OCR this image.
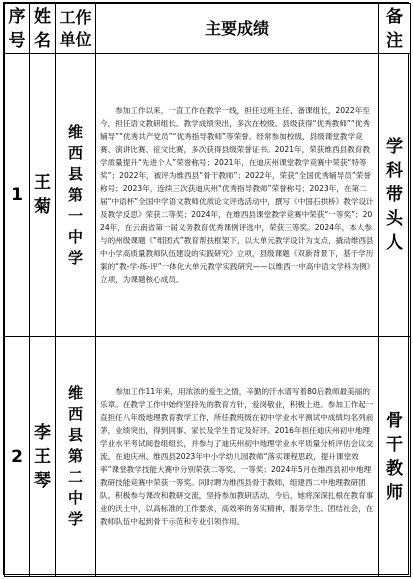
序号	姓名	工作单位	主要成绩	备注
1	王菊	维西县第一中学	参加工作以来，一直工作在教学一线，担任过班主任、备课组长，2022年至今，担任语文教研组长。教学成绩突出，多次在校级、县级获得“优秀教师”“优秀辅导”“优秀共产党员”“优秀指导教师”等荣誉。经常参加校级、县级课堂教学竞赛、演讲比赛、征文比赛，多次获得县级荣誉证书。2021年，荣获维西县教育教学质量提升“先进个人”荣誉称号；2021年，在迪庆州课堂教学竞赛中荣获“特等奖”；2022年，被评为维西县“骨干教师”；2022年，荣获“全国优秀辅导员”荣誉称号；2023年，连续三次获迪庆州“优秀指导教师”荣誉称号；2023年，在第二届“中语杯”全国中学语文教师优质论文评选活动中，撰写《中国石拱桥》教学设计及教学反思》荣获二等奖；2024年，在维西县课堂教学竞赛中荣获“一等奖”；2024年，在云南省第一届义务教育优秀课例评选中，荣获三等奖。2024年，本人参与的州级课题《“组团式”教育帮扶框架下，以大单元教学设计为支点，撬动维西县中小学高质量教师队伍建设的实践研究》立项，县级课题《双新背景下，基于学历案的“教-学-练-评”一体化大单元教学实践研究——以维西一中高中语文学科为例》立项，为课题核心成员。	学科带头人
2	李王琴	维西县第二中学	参加工作11年来，用浓浓的爱生之情，辛勤的汗水谱写着80后教师最美丽的乐章。在教学工作中始终坚持先的教育方针，爱岗敬业，积极上进。参加工作起一直担任八年级地理教育教学工作，所任教班级在初中学业水平测试中成绩均名列前茅，业绩突出，得到同事、家长及学生肯定及好评。2016年担任迪庆州初中地理学业水平考试阅卷组组长，并参与了迪庆州初中地理学业水平质量分析评估会议交流。在迪庆州、维西县2023年中小学幼儿园教师“落实课程思政，提升课堂效率”课堂教学技能大赛中分别荣获二等奖、一等奖；2024年5月在维西县初中地理教研技能竞赛中荣获一等奖。同时聘为维西县骨干教师，组建西二中地理教研团队。积极参与课改和教研交流，坚持参加教研活动，今后，她将深深扎根在教育事业的沃土中，以高标准的工作要求，高效率的务实精神，服务学生、团结社会，在教师队伍中起到骨干示范和专业引领作用。	骨干教师
